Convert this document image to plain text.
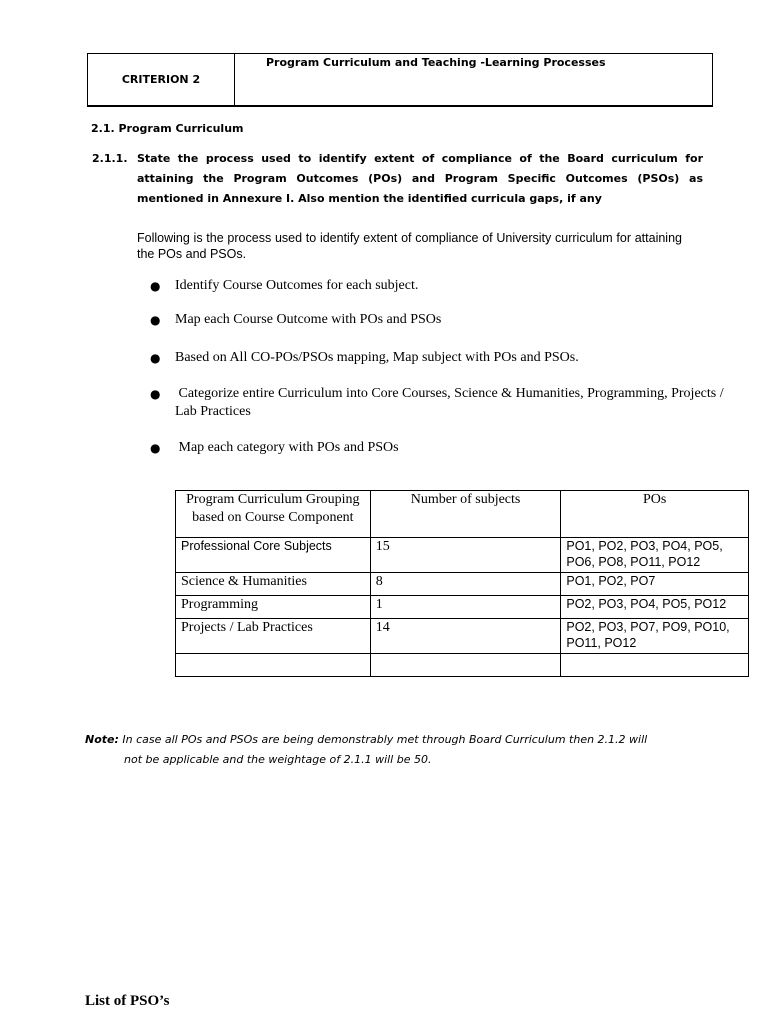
CRITERION 2
Program Curriculum and Teaching -Learning Processes
2.1. Program Curriculum
2.1.1. State the process used to identify extent of compliance of the Board curriculum for attaining the Program Outcomes (POs) and Program Specific Outcomes (PSOs) as mentioned in Annexure I. Also mention the identified curricula gaps, if any
Following is the process used to identify extent of compliance of University curriculum for attaining the POs and PSOs.
● Identify Course Outcomes for each subject.
● Map each Course Outcome with POs and PSOs
● Based on All CO-POs/PSOs mapping, Map subject with POs and PSOs.
● Categorize entire Curriculum into Core Courses, Science & Humanities, Programming, Projects / Lab Practices
● Map each category with POs and PSOs
Program Curriculum Grouping based on Course Component	Number of subjects	POs
Professional Core Subjects	15	PO1, PO2, PO3, PO4, PO5, PO6, PO8, PO11, PO12
Science & Humanities	8	PO1, PO2, PO7
Programming	1	PO2, PO3, PO4, PO5, PO12
Projects / Lab Practices	14	PO2, PO3, PO7, PO9, PO10, PO11, PO12

Note: In case all POs and PSOs are being demonstrably met through Board Curriculum then 2.1.2 will
not be applicable and the weightage of 2.1.1 will be 50.
List of PSO’s
